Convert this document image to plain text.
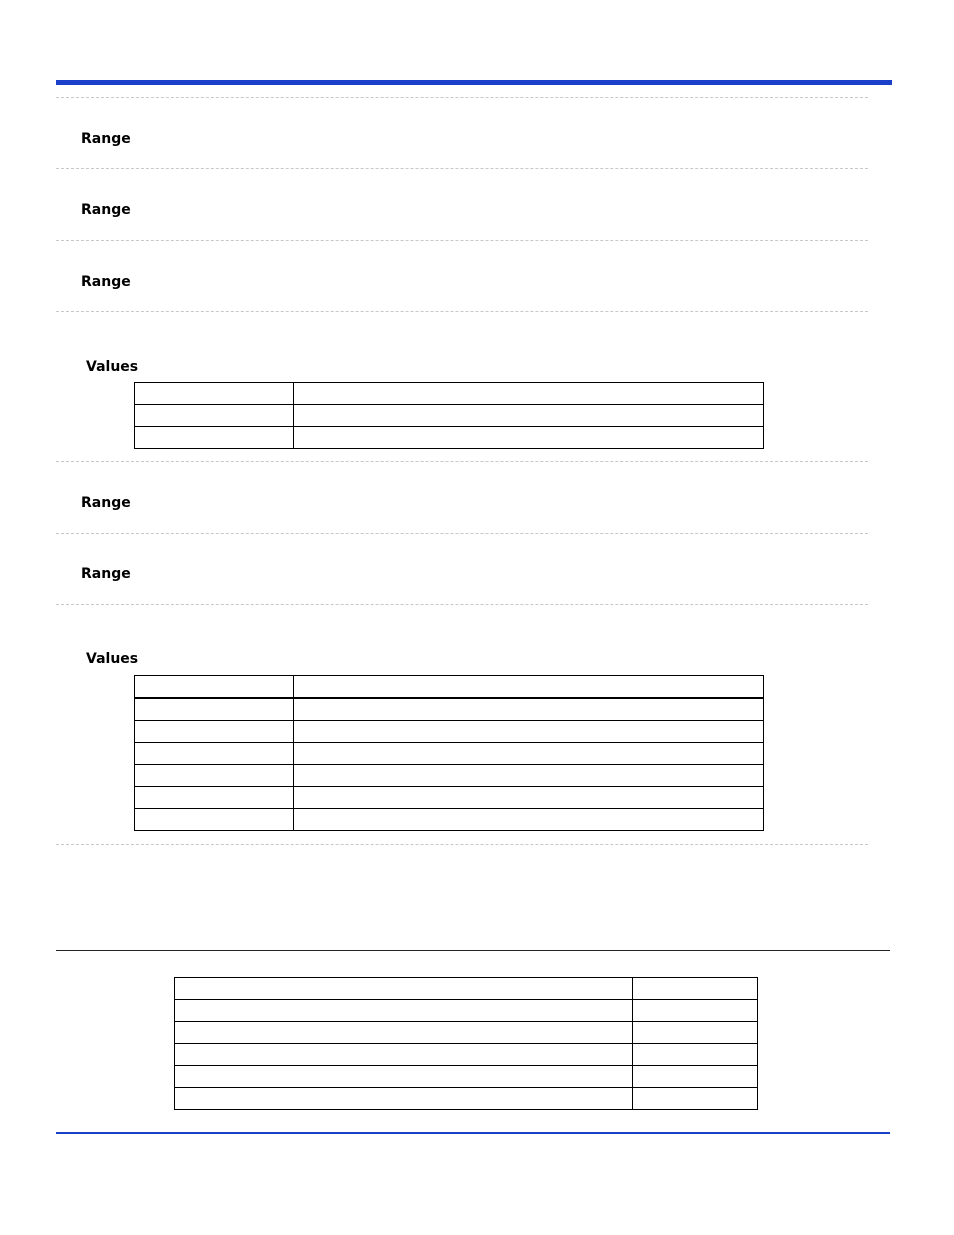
Range
Range
Range
Values

Range
Range
Values
